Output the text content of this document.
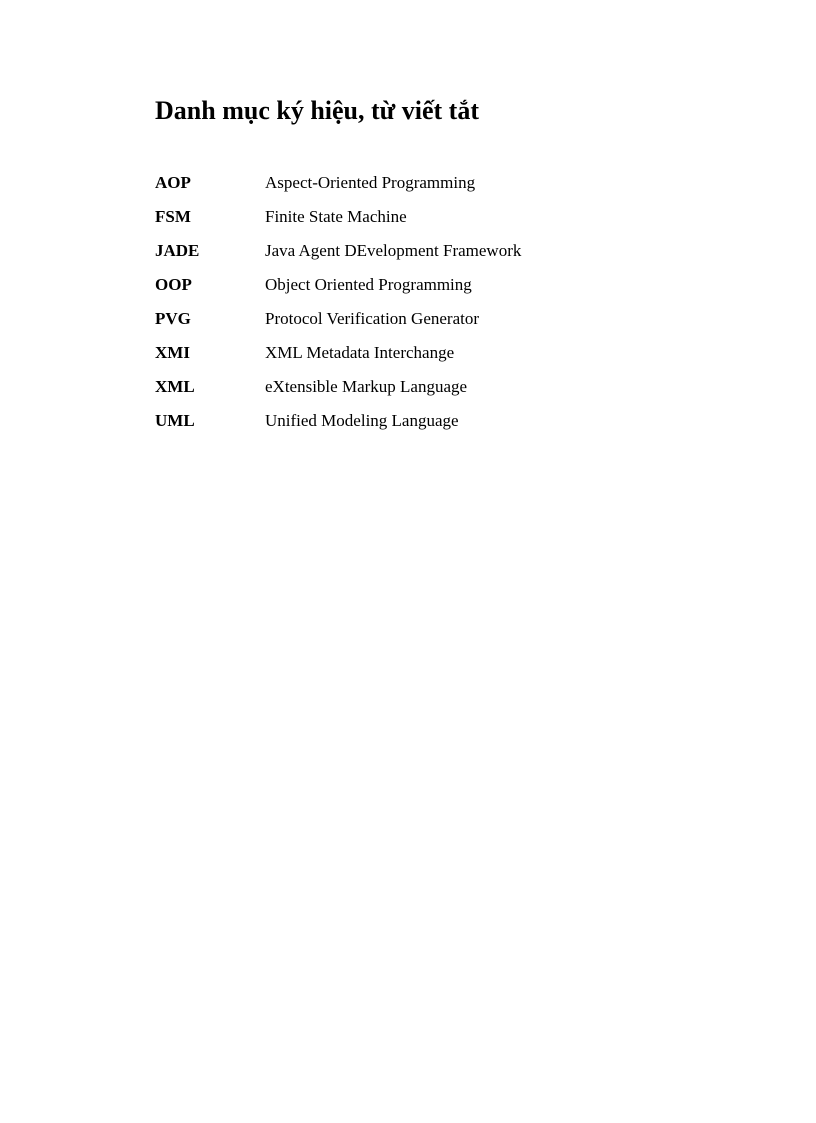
Danh mục ký hiệu, từ viết tắt
AOP	Aspect-Oriented Programming
FSM	Finite State Machine
JADE	Java Agent DEvelopment Framework
OOP	Object Oriented Programming
PVG	Protocol Verification Generator
XMI	XML Metadata Interchange
XML	eXtensible Markup Language
UML	Unified Modeling Language
